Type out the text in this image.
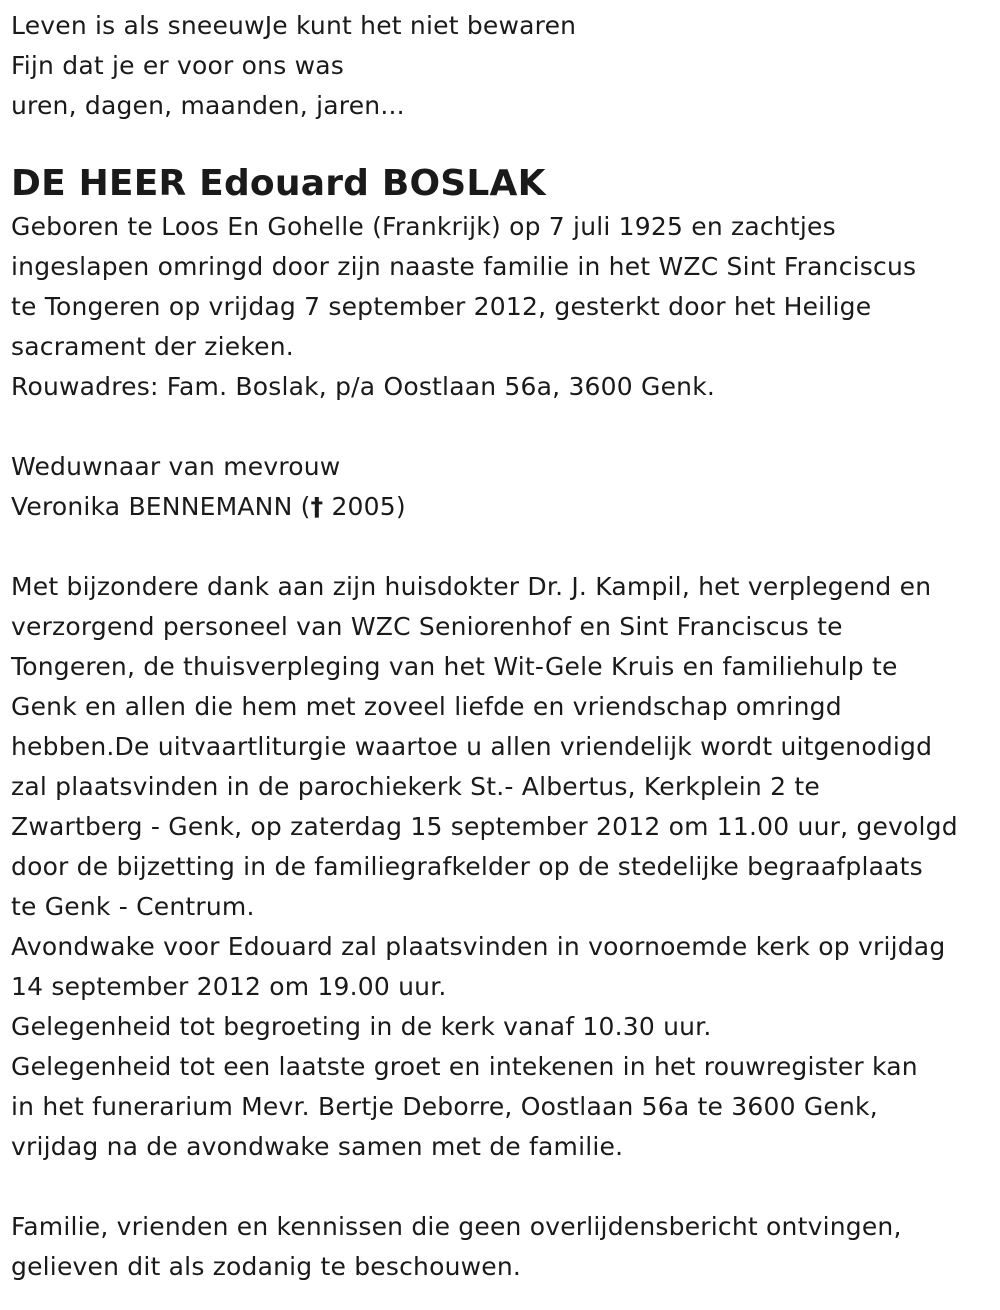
Leven is als sneeuwJe kunt het niet bewaren
Fijn dat je er voor ons was
uren, dagen, maanden, jaren...
DE HEER Edouard BOSLAK
Geboren te Loos En Gohelle (Frankrijk) op 7 juli 1925 en zachtjes
ingeslapen omringd door zijn naaste familie in het WZC Sint Franciscus
te Tongeren op vrijdag 7 september 2012, gesterkt door het Heilige
sacrament der zieken.
Rouwadres: Fam. Boslak, p/a Oostlaan 56a, 3600 Genk.
Weduwnaar van mevrouw
Veronika BENNEMANN († 2005)
Met bijzondere dank aan zijn huisdokter Dr. J. Kampil, het verplegend en
verzorgend personeel van WZC Seniorenhof en Sint Franciscus te
Tongeren, de thuisverpleging van het Wit-Gele Kruis en familiehulp te
Genk en allen die hem met zoveel liefde en vriendschap omringd
hebben.De uitvaartliturgie waartoe u allen vriendelijk wordt uitgenodigd
zal plaatsvinden in de parochiekerk St.- Albertus, Kerkplein 2 te
Zwartberg - Genk, op zaterdag 15 september 2012 om 11.00 uur, gevolgd
door de bijzetting in de familiegrafkelder op de stedelijke begraafplaats
te Genk - Centrum.
Avondwake voor Edouard zal plaatsvinden in voornoemde kerk op vrijdag
14 september 2012 om 19.00 uur.
Gelegenheid tot begroeting in de kerk vanaf 10.30 uur.
Gelegenheid tot een laatste groet en intekenen in het rouwregister kan
in het funerarium Mevr. Bertje Deborre, Oostlaan 56a te 3600 Genk,
vrijdag na de avondwake samen met de familie.
Familie, vrienden en kennissen die geen overlijdensbericht ontvingen,
gelieven dit als zodanig te beschouwen.
